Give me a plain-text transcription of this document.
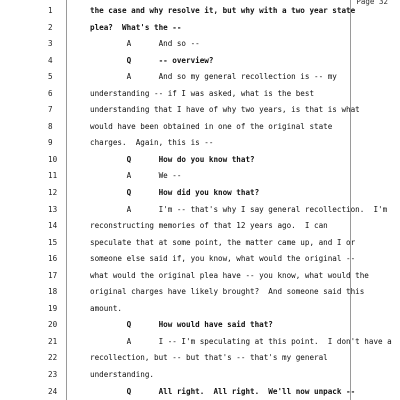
Page 32
1	the case and why resolve it, but why with a two year state
2	plea?  What's the --
3	A      And so --
4	Q      -- overview?
5	A      And so my general recollection is -- my
6	understanding -- if I was asked, what is the best
7	understanding that I have of why two years, is that is what
8	would have been obtained in one of the original state
9	charges.  Again, this is --
10	Q      How do you know that?
11	A      We --
12	Q      How did you know that?
13	A      I'm -- that's why I say general recollection.  I'm
14	reconstructing memories of that 12 years ago.  I can
15	speculate that at some point, the matter came up, and I or
16	someone else said if, you know, what would the original --
17	what would the original plea have -- you know, what would the
18	original charges have likely brought?  And someone said this
19	amount.
20	Q      How would have said that?
21	A      I -- I'm speculating at this point.  I don't have a
22	recollection, but -- but that's -- that's my general
23	understanding.
24	Q      All right.  All right.  We'll now unpack --
